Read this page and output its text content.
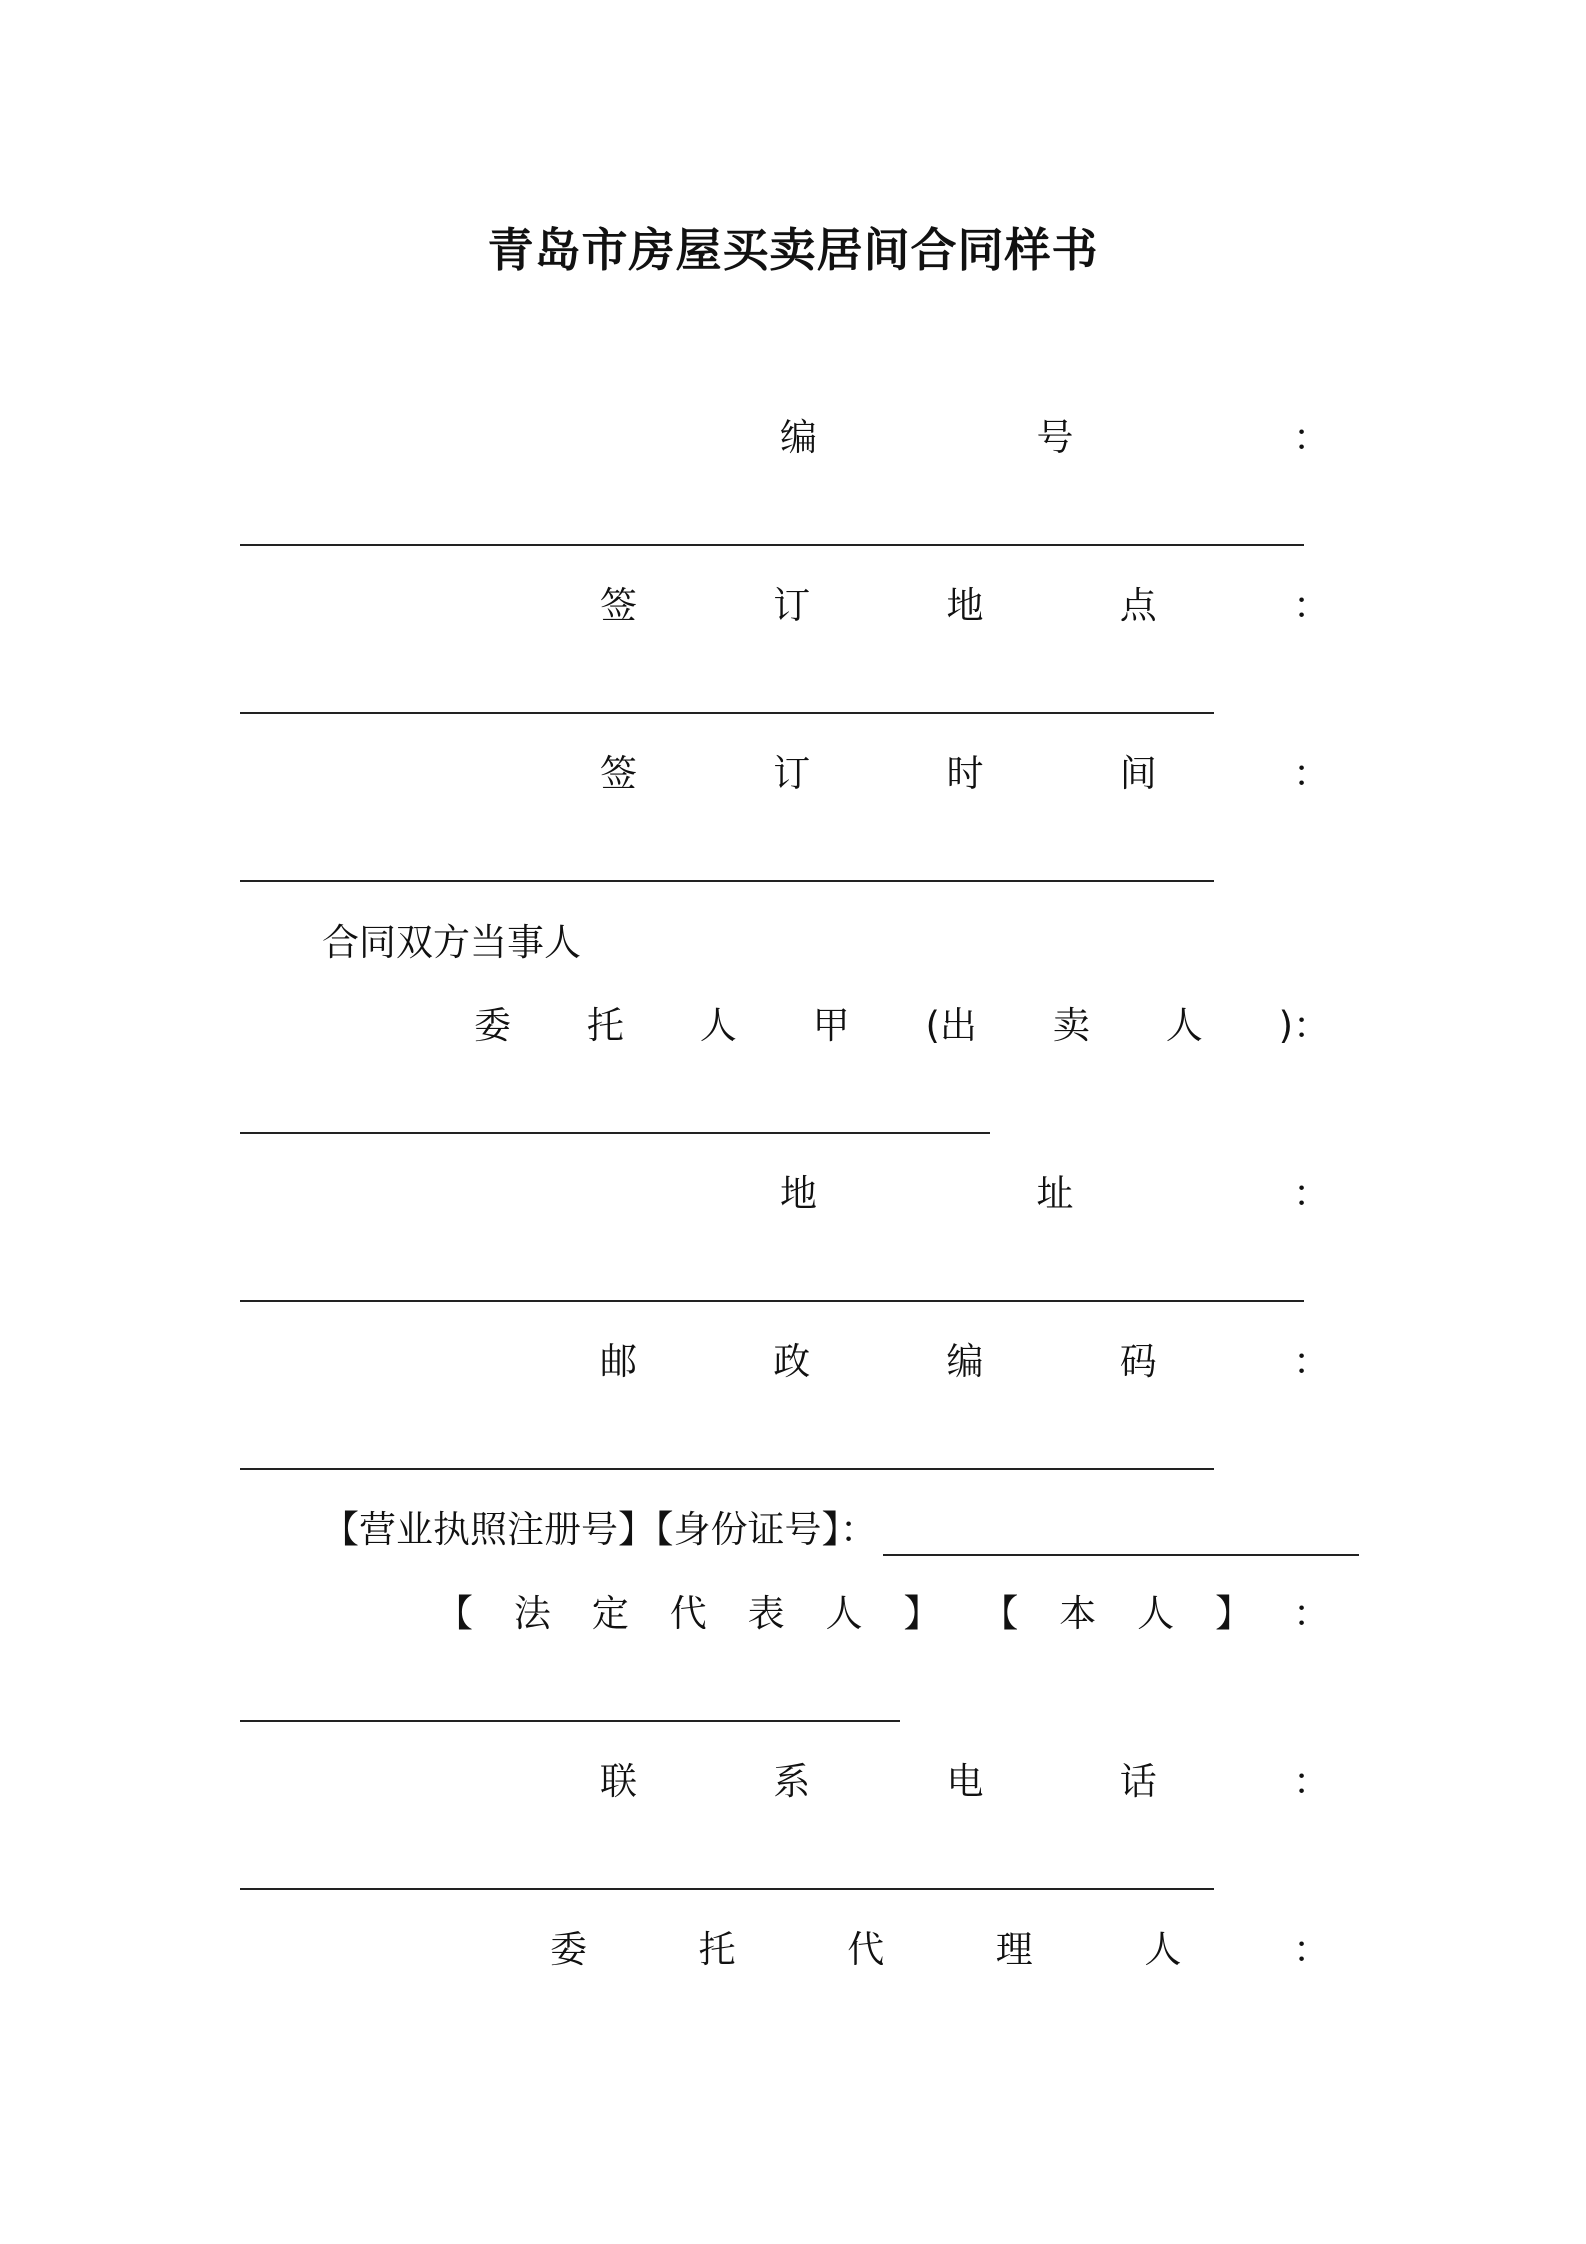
青岛市房屋买卖居间合同样书
编	号	：
签	订	地	点	：
签	订	时	间	：
合同双方当事人
委 托 人 甲 (出 卖 人 )：
地	址	：
邮	政	编	码	：
【营业执照注册号】【身份证号】：
【 法 定 代 表 人 】 【 本 人 】 ：
联	系	电	话	：
委	托	代	理	人	：
